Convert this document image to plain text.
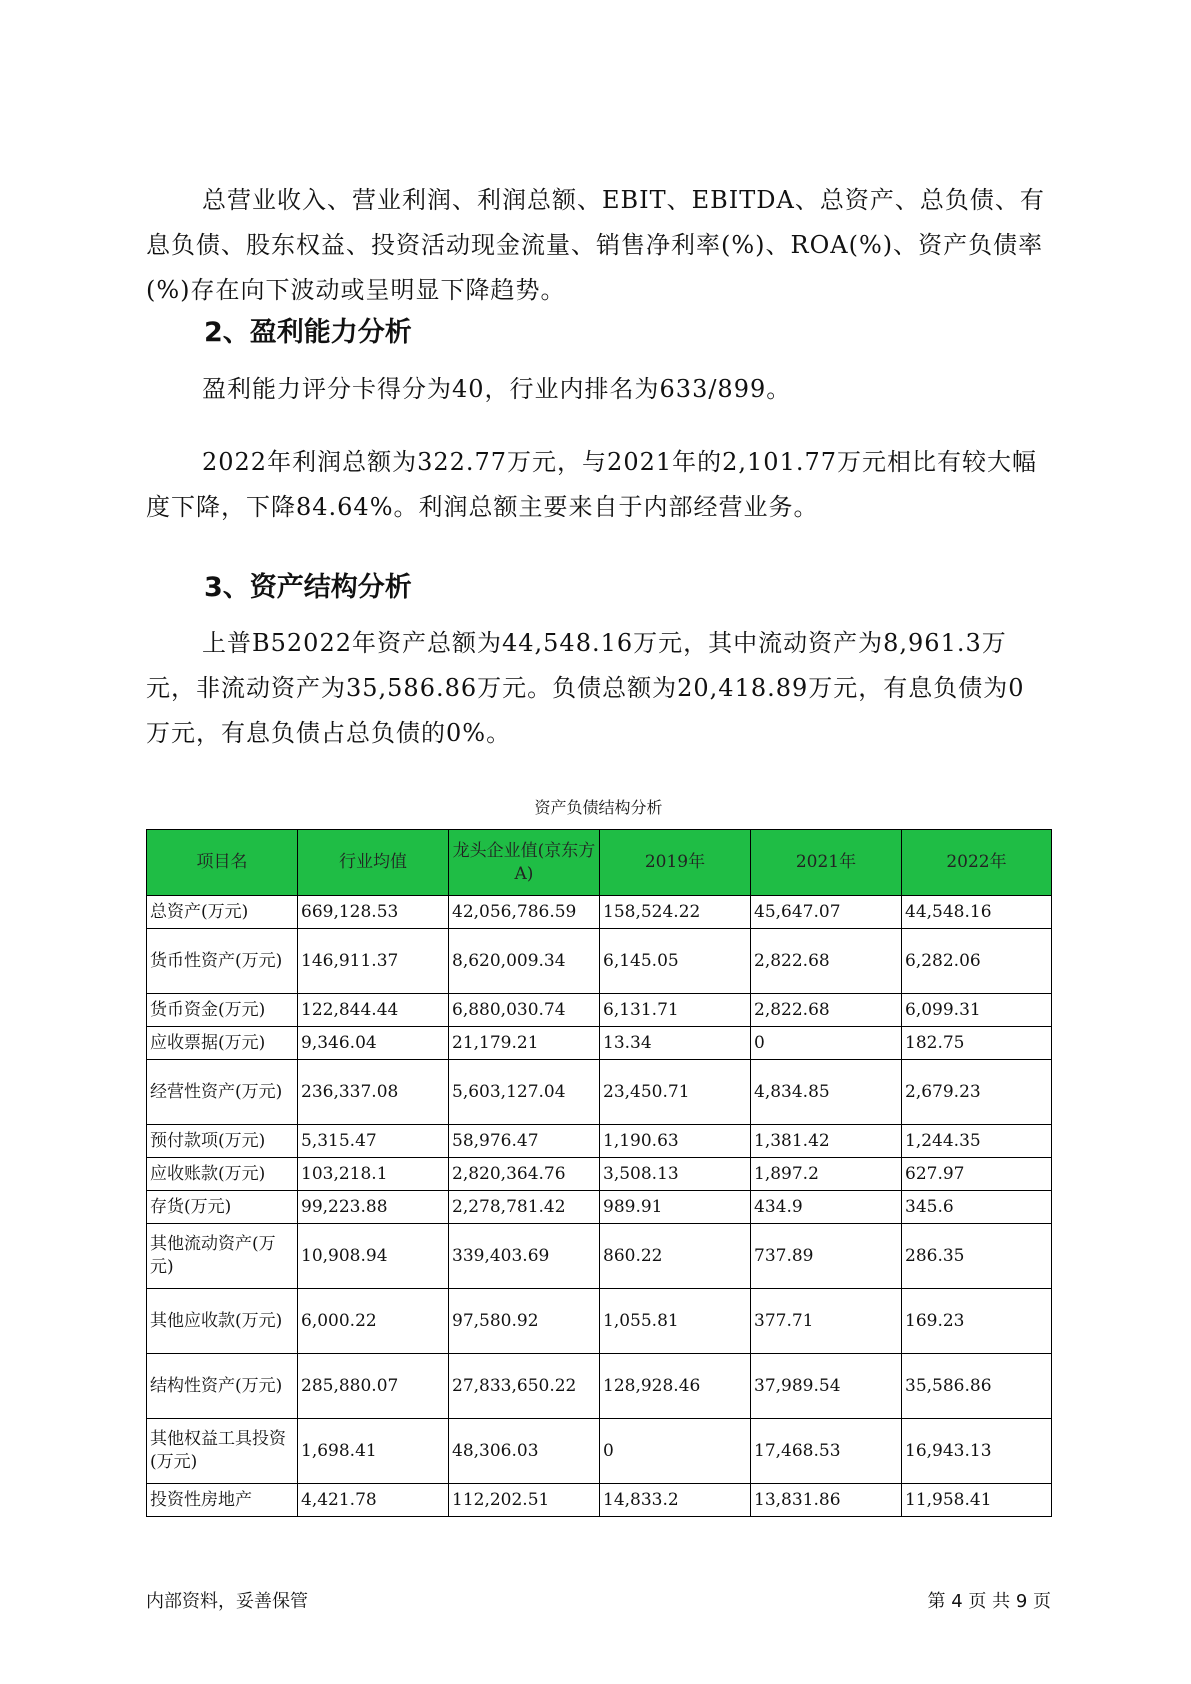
总营业收入、营业利润、利润总额、EBIT、EBITDA、总资产、总负债、有息负债、股东权益、投资活动现金流量、销售净利率(%)、ROA(%)、资产负债率(%)存在向下波动或呈明显下降趋势。

2、盈利能力分析

盈利能力评分卡得分为40，行业内排名为633/899。

2022年利润总额为322.77万元，与2021年的2,101.77万元相比有较大幅度下降，下降84.64%。利润总额主要来自于内部经营业务。

3、资产结构分析

上普B52022年资产总额为44,548.16万元，其中流动资产为8,961.3万元，非流动资产为35,586.86万元。负债总额为20,418.89万元，有息负债为0万元，有息负债占总负债的0%。

资产负债结构分析
项目名	行业均值	龙头企业值(京东方A)	2019年	2021年	2022年
总资产(万元)	669,128.53	42,056,786.59	158,524.22	45,647.07	44,548.16
货币性资产(万元)	146,911.37	8,620,009.34	6,145.05	2,822.68	6,282.06
货币资金(万元)	122,844.44	6,880,030.74	6,131.71	2,822.68	6,099.31
应收票据(万元)	9,346.04	21,179.21	13.34	0	182.75
经营性资产(万元)	236,337.08	5,603,127.04	23,450.71	4,834.85	2,679.23
预付款项(万元)	5,315.47	58,976.47	1,190.63	1,381.42	1,244.35
应收账款(万元)	103,218.1	2,820,364.76	3,508.13	1,897.2	627.97
存货(万元)	99,223.88	2,278,781.42	989.91	434.9	345.6
其他流动资产(万元)	10,908.94	339,403.69	860.22	737.89	286.35
其他应收款(万元)	6,000.22	97,580.92	1,055.81	377.71	169.23
结构性资产(万元)	285,880.07	27,833,650.22	128,928.46	37,989.54	35,586.86
其他权益工具投资(万元)	1,698.41	48,306.03	0	17,468.53	16,943.13
投资性房地产	4,421.78	112,202.51	14,833.2	13,831.86	11,958.41
内部资料，妥善保管	第 4 页 共 9 页
